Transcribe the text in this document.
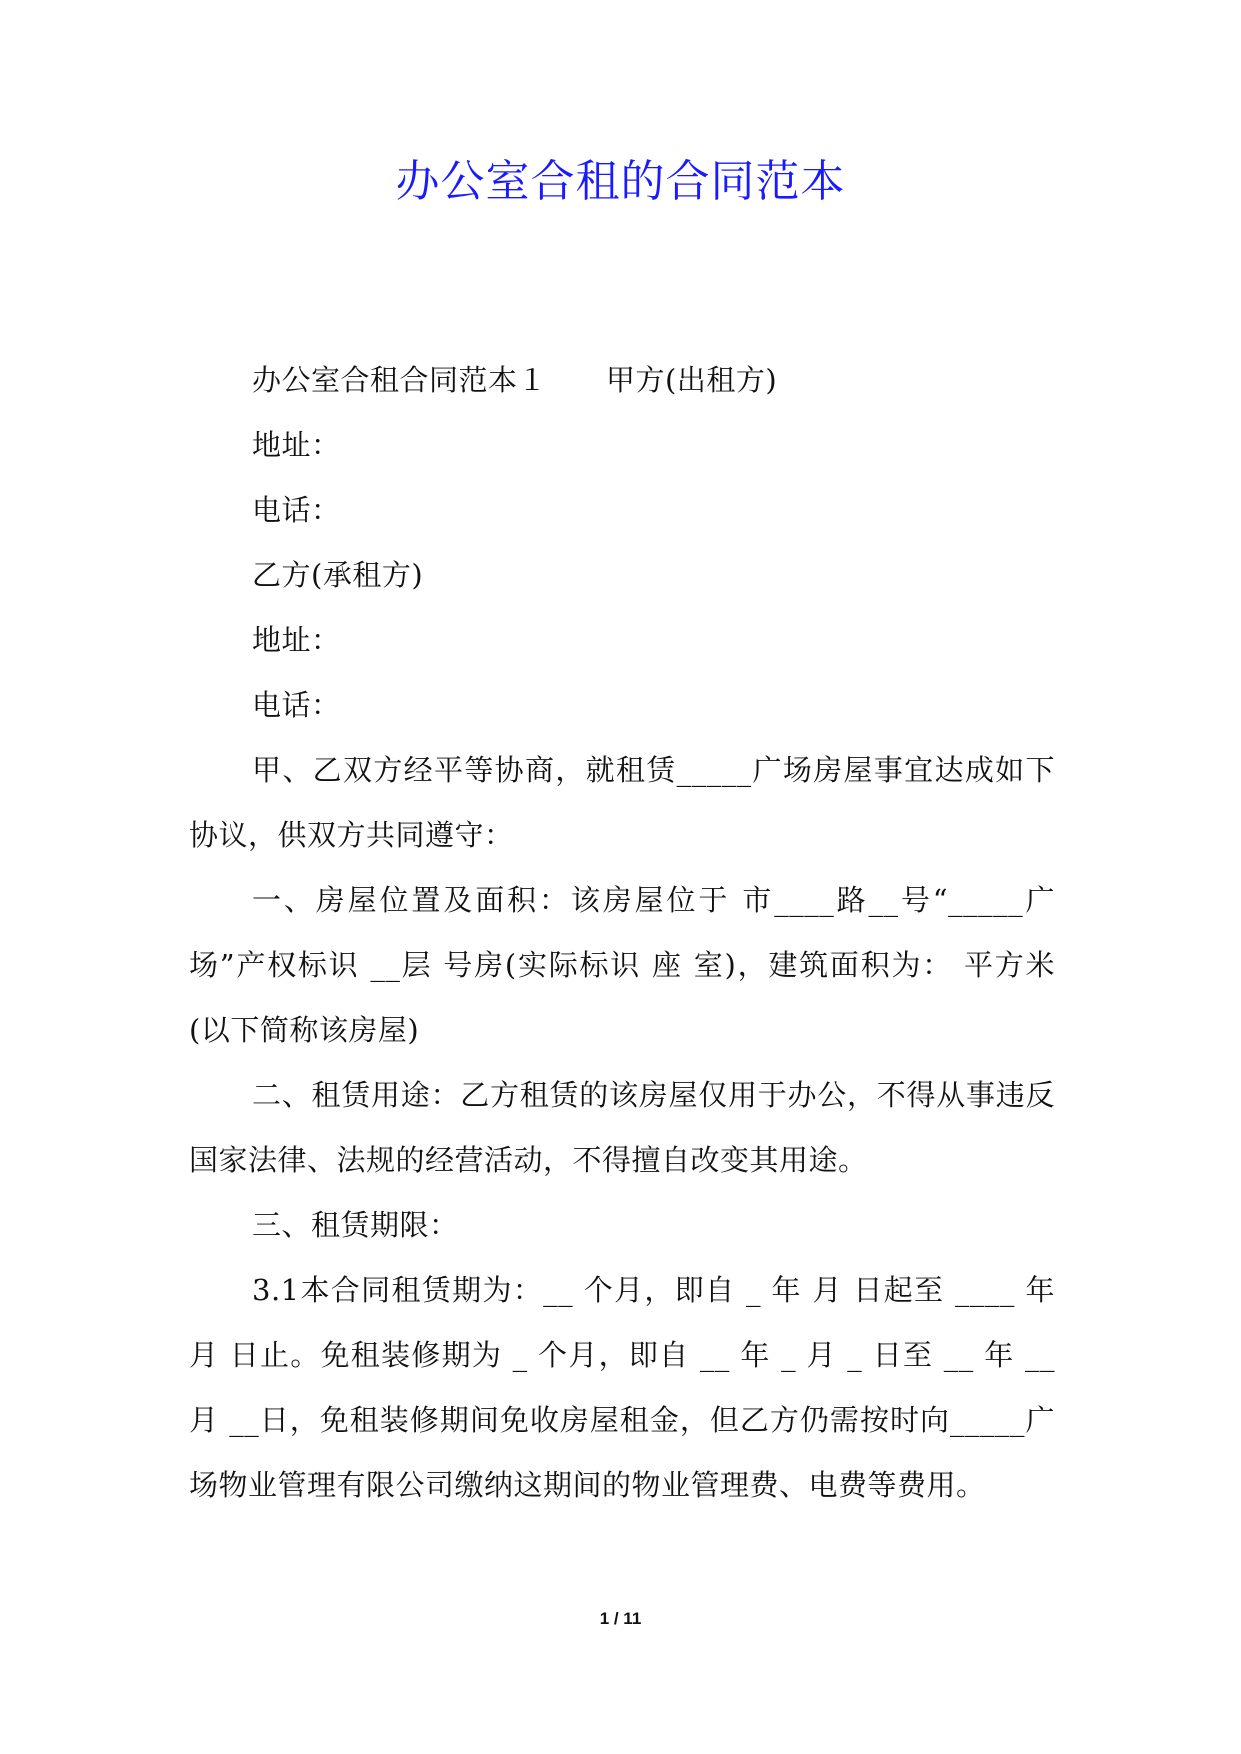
办公室合租的合同范本

办公室合租合同范本１　　甲方(出租方)

地址：

电话：

乙方(承租方)

地址：

电话：

甲、乙双方经平等协商，就租赁_____广场房屋事宜达成如下协议，供双方共同遵守：

一、房屋位置及面积：该房屋位于 市____路__号“_____广场”产权标识 __层 号房(实际标识 座 室)，建筑面积为： 平方米(以下简称该房屋)

二、租赁用途：乙方租赁的该房屋仅用于办公，不得从事违反国家法律、法规的经营活动，不得擅自改变其用途。

三、租赁期限：

3.1本合同租赁期为：__ 个月，即自 _ 年 月 日起至 ____ 年 月 日止。免租装修期为 _ 个月，即自 __ 年 _ 月 _ 日至 __ 年 __月 __日，免租装修期间免收房屋租金，但乙方仍需按时向_____广场物业管理有限公司缴纳这期间的物业管理费、电费等费用。

1 / 11
